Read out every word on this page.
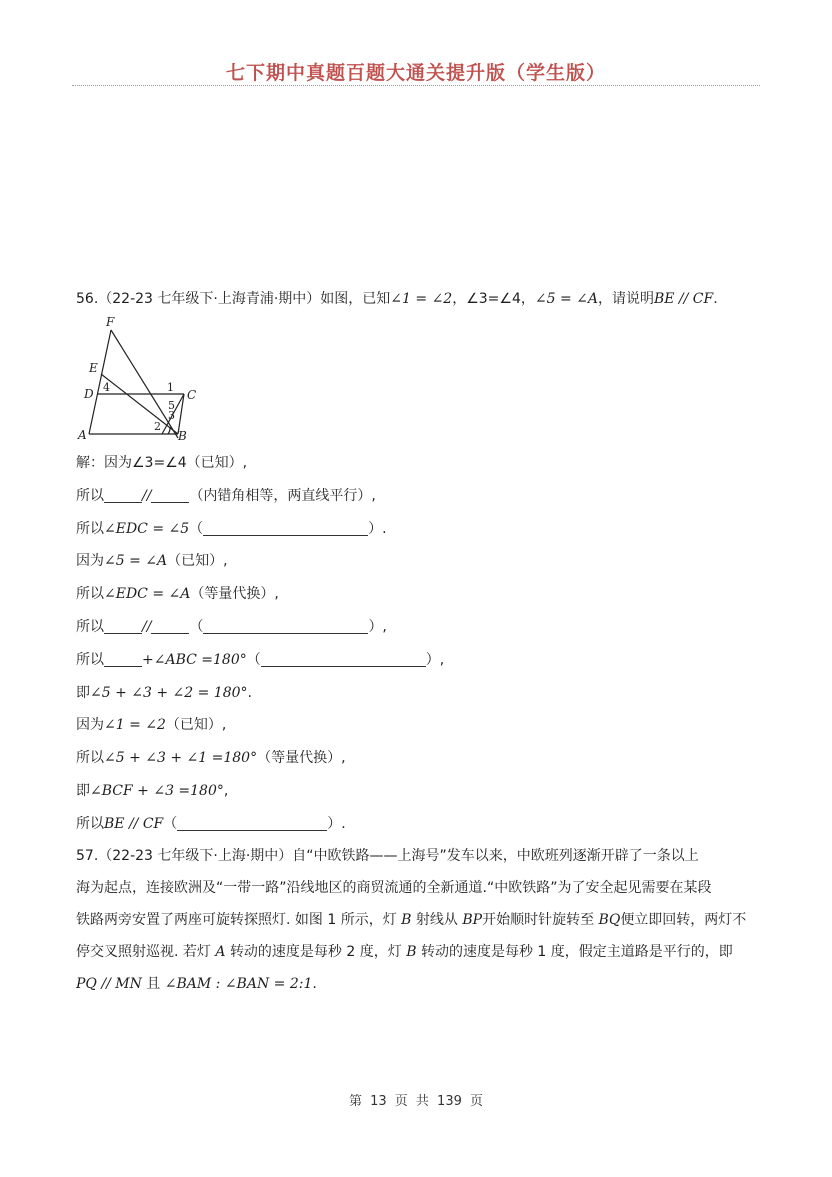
七下期中真题百题大通关提升版（学生版）
56.（22-23 七年级下·上海青浦·期中）如图，已知∠1 = ∠2，∠3=∠4，∠5 = ∠A，请说明BE // CF.
F
E
D	C
A	B
4	1
5
3
2
解：因为∠3=∠4（已知）,
所以	//	（内错角相等，两直线平行）,
所以∠EDC = ∠5（	）.
因为∠5 = ∠A（已知）,
所以∠EDC = ∠A（等量代换）,
所以	//	（	）,
所以	+∠ABC =180°（	）,
即∠5 + ∠3 + ∠2 = 180°.
因为∠1 = ∠2（已知）,
所以∠5 + ∠3 + ∠1 =180°（等量代换）,
即∠BCF + ∠3 =180°,
所以BE // CF（	）.
57.（22-23 七年级下·上海·期中）自“中欧铁路——上海号”发车以来，中欧班列逐渐开辟了一条以上
海为起点，连接欧洲及“一带一路”沿线地区的商贸流通的全新通道.“中欧铁路”为了安全起见需要在某段
铁路两旁安置了两座可旋转探照灯. 如图 1 所示，灯 B 射线从 BP开始顺时针旋转至 BQ便立即回转，两灯不
停交叉照射巡视. 若灯 A 转动的速度是每秒 2 度，灯 B 转动的速度是每秒 1 度，假定主道路是平行的，即
PQ // MN 且 ∠BAM : ∠BAN = 2:1.
第 13 页 共 139 页
